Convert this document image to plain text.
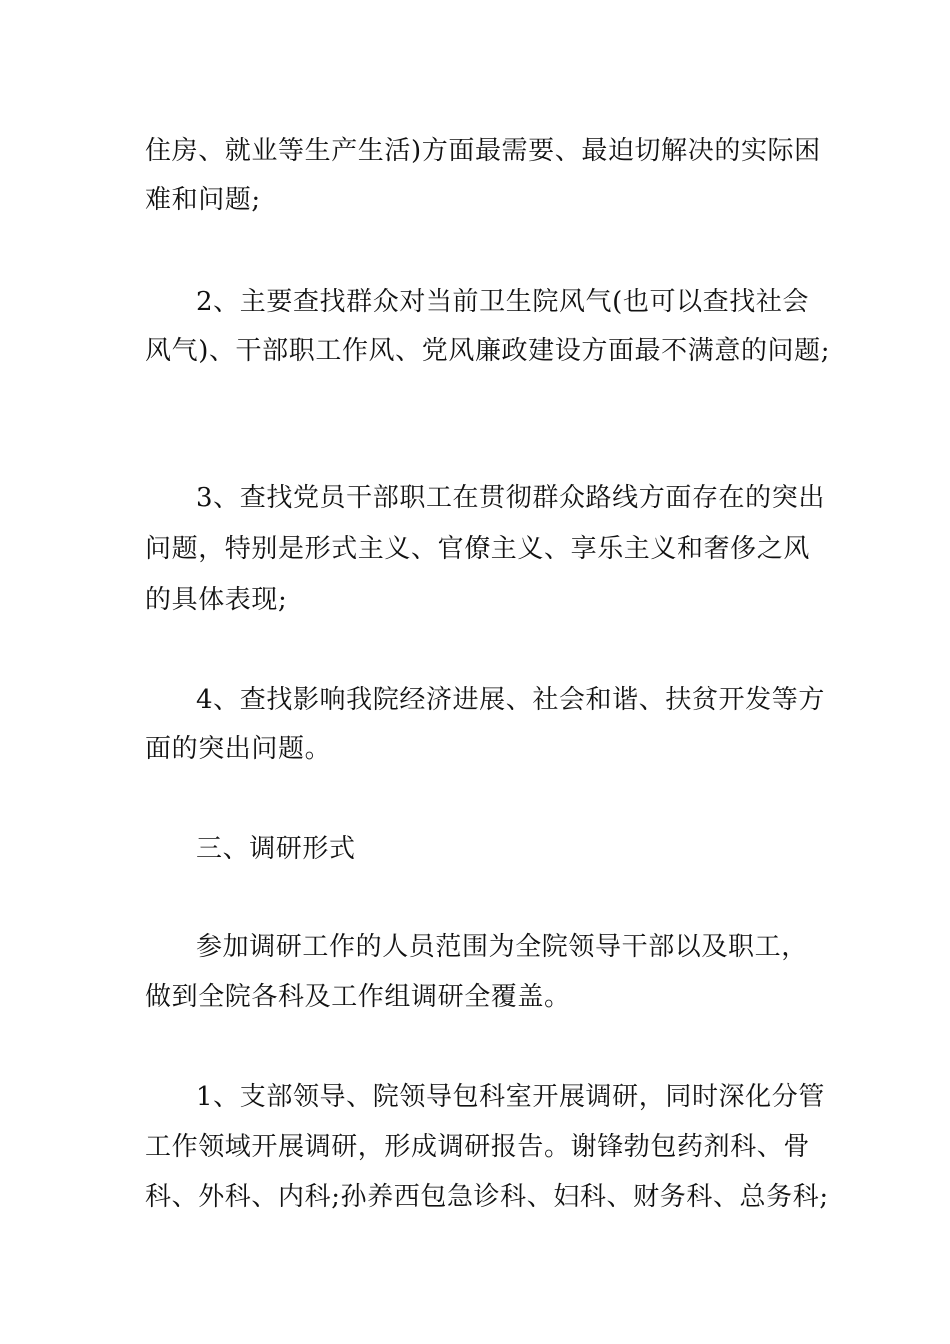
住房、就业等生产生活)方面最需要、最迫切解决的实际困
难和问题;
2、主要查找群众对当前卫生院风气(也可以查找社会
风气)、干部职工作风、党风廉政建设方面最不满意的问题;
3、查找党员干部职工在贯彻群众路线方面存在的突出
问题，特别是形式主义、官僚主义、享乐主义和奢侈之风
的具体表现;
4、查找影响我院经济进展、社会和谐、扶贫开发等方
面的突出问题。
三、调研形式
参加调研工作的人员范围为全院领导干部以及职工，
做到全院各科及工作组调研全覆盖。
1、支部领导、院领导包科室开展调研，同时深化分管
工作领域开展调研，形成调研报告。谢锋勃包药剂科、骨
科、外科、内科;孙养西包急诊科、妇科、财务科、总务科;
